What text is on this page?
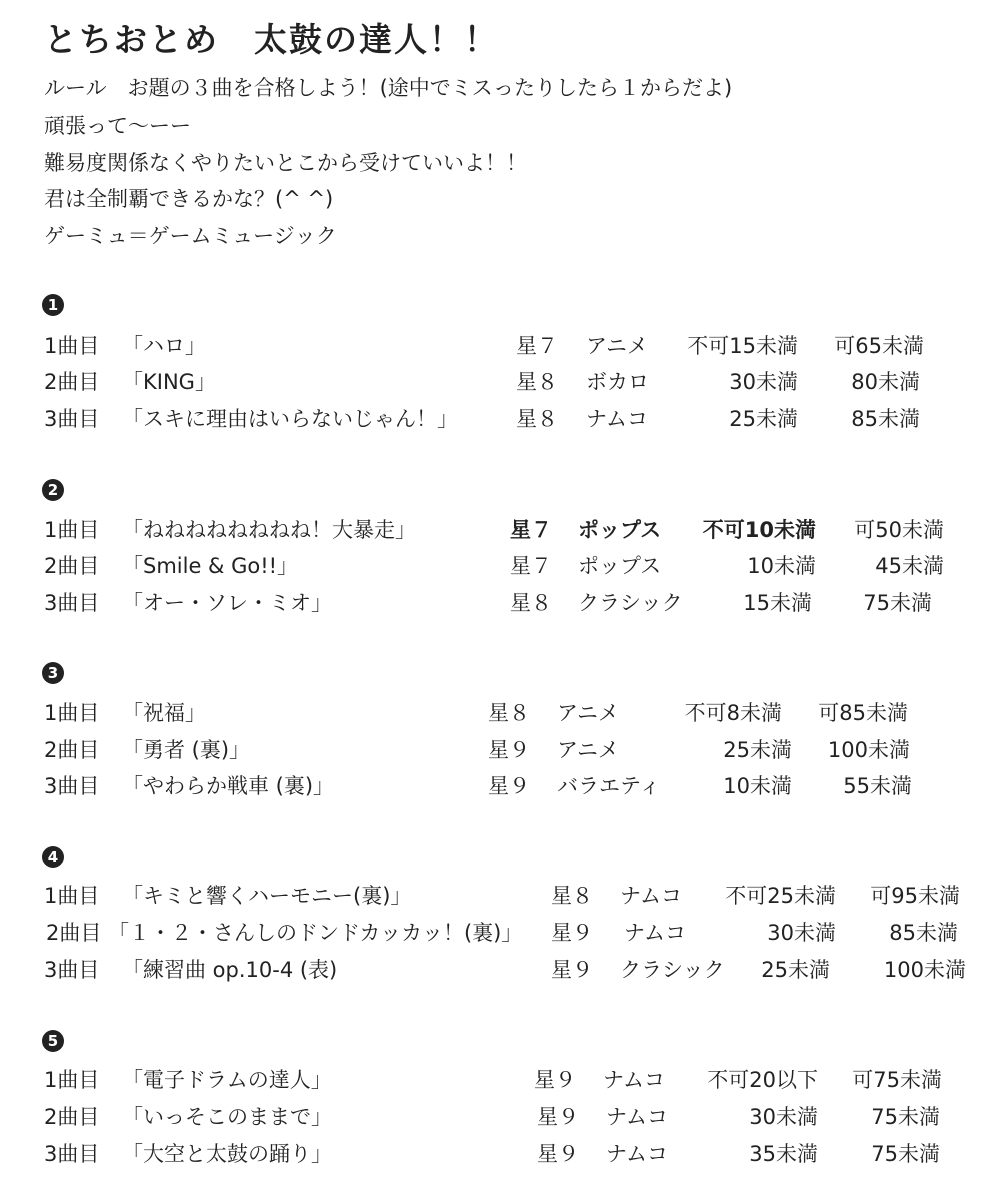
とちおとめ　太鼓の達人！！
ルール　お題の３曲を合格しよう！(途中でミスったりしたら１からだよ)
頑張って〜ーー
難易度関係なくやりたいとこから受けていいよ！！
君は全制覇できるかな？(^ ^)
ゲーミュ＝ゲームミュージック
1
1曲目 「ハロ」	星７ アニメ 不可15未満 可65未満
2曲目 「KING」	星８ ボカロ	30未満	80未満
3曲目 「スキに理由はいらないじゃん！」	星８ ナムコ	25未満	85未満
2
1曲目 「ねねねねねねねね！大暴走」	星７ ポップス 不可10未満 可50未満
2曲目 「Smile & Go!!」	星７ ポップス	10未満	45未満
3曲目 「オー・ソレ・ミオ」	星８ クラシック	15未満 75未満
3
1曲目 「祝福」	星８ アニメ	不可8未満 可85未満
2曲目 「勇者 (裏)」	星９ アニメ	25未満 100未満
3曲目 「やわらか戦車 (裏)」	星９ バラエティ	10未満 55未満
4
1曲目 「キミと響くハーモニー(裏)」	星８ ナムコ 不可25未満 可95未満
2曲目 「１・２・さんしのドンドカッカッ！(裏)」 星９ ナムコ	30未満	85未満
3曲目 「練習曲 op.10-4 (表)	星９ クラシック 25未満	100未満
5
1曲目 「電子ドラムの達人」	星９ ナムコ 不可20以下 可75未満
2曲目 「いっそこのままで」	星９ ナムコ	30未満	75未満
3曲目 「大空と太鼓の踊り」	星９ ナムコ	35未満	75未満
